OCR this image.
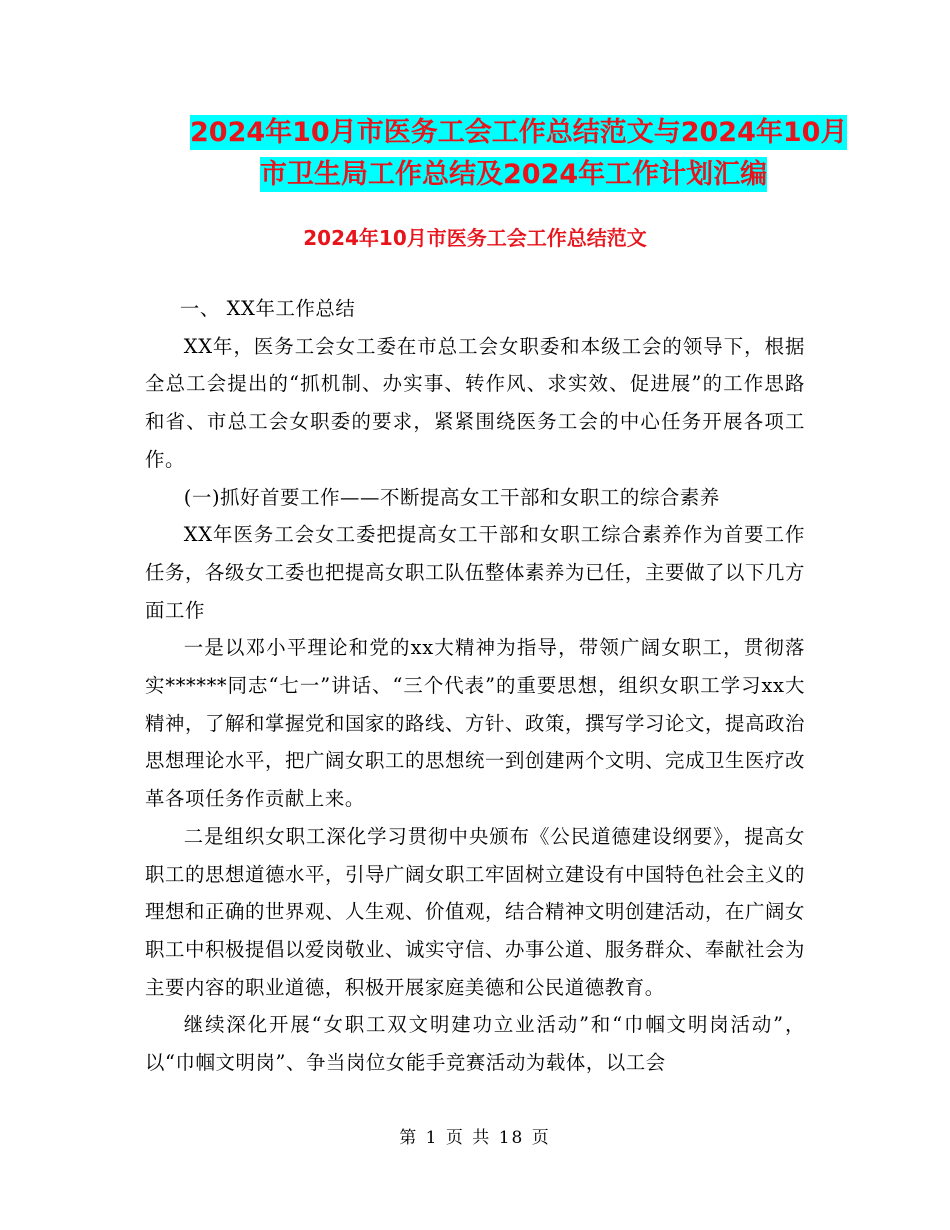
2024年10月市医务工会工作总结范文与2024年10月
市卫生局工作总结及2024年工作计划汇编
2024年10月市医务工会工作总结范文

一、 XX年工作总结

XX年，医务工会女工委在市总工会女职委和本级工会的领导下，根据全总工会提出的“抓机制、办实事、转作风、求实效、促进展”的工作思路和省、市总工会女职委的要求，紧紧围绕医务工会的中心任务开展各项工作。

(一)抓好首要工作——不断提高女工干部和女职工的综合素养

XX年医务工会女工委把提高女工干部和女职工综合素养作为首要工作任务，各级女工委也把提高女职工队伍整体素养为已任，主要做了以下几方面工作

一是以邓小平理论和党的xx大精神为指导，带领广阔女职工，贯彻落实******同志“七一”讲话、“三个代表”的重要思想，组织女职工学习xx大精神，了解和掌握党和国家的路线、方针、政策，撰写学习论文，提高政治思想理论水平，把广阔女职工的思想统一到创建两个文明、完成卫生医疗改革各项任务作贡献上来。

二是组织女职工深化学习贯彻中央颁布《公民道德建设纲要》，提高女职工的思想道德水平，引导广阔女职工牢固树立建设有中国特色社会主义的理想和正确的世界观、人生观、价值观，结合精神文明创建活动，在广阔女职工中积极提倡以爱岗敬业、诚实守信、办事公道、服务群众、奉献社会为主要内容的职业道德，积极开展家庭美德和公民道德教育。

继续深化开展“女职工双文明建功立业活动”和“巾帼文明岗活动”，以“巾帼文明岗”、争当岗位女能手竞赛活动为载体，以工会

第 1 页 共 18 页
